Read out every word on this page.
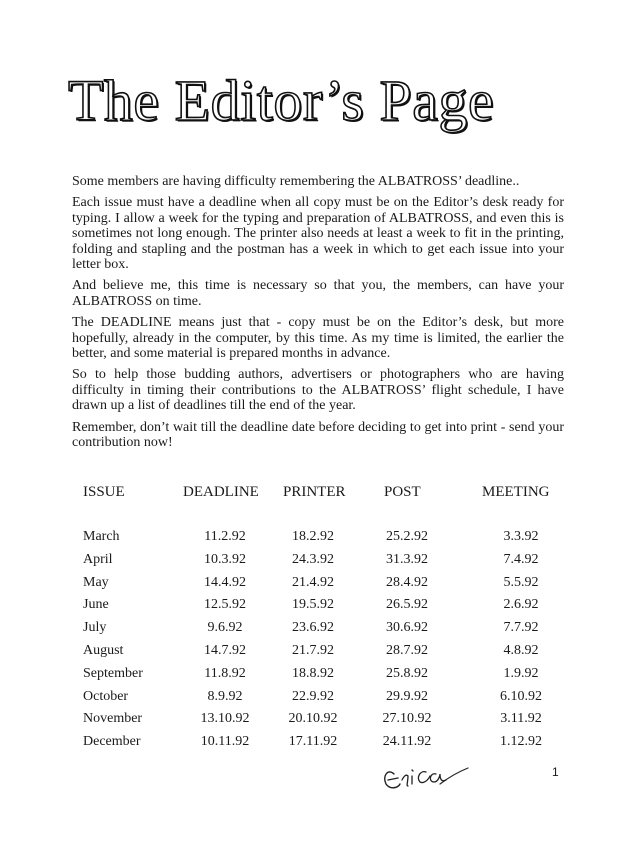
The Editor’s Page

Some members are having difficulty remembering the ALBATROSS’ deadline..

Each issue must have a deadline when all copy must be on the Editor’s desk ready for typing. I allow a week for the typing and preparation of ALBATROSS, and even this is sometimes not long enough. The printer also needs at least a week to fit in the printing, folding and stapling and the postman has a week in which to get each issue into your letter box.

And believe me, this time is necessary so that you, the members, can have your ALBATROSS on time.

The DEADLINE means just that - copy must be on the Editor’s desk, but more hopefully, already in the computer, by this time. As my time is limited, the earlier the better, and some material is prepared months in advance.

So to help those budding authors, advertisers or photographers who are having difficulty in timing their contributions to the ALBATROSS’ flight schedule, I have drawn up a list of deadlines till the end of the year.

Remember, don’t wait till the deadline date before deciding to get into print - send your contribution now!

ISSUE	DEADLINE PRINTER	POST	MEETING
March	11.2.92	18.2.92	25.2.92	3.3.92
April	10.3.92	24.3.92	31.3.92	7.4.92
May	14.4.92	21.4.92	28.4.92	5.5.92
June	12.5.92	19.5.92	26.5.92	2.6.92
July	9.6.92	23.6.92	30.6.92	7.7.92
August	14.7.92	21.7.92	28.7.92	4.8.92
September	11.8.92	18.8.92	25.8.92	1.9.92
October	8.9.92	22.9.92	29.9.92	6.10.92
November	13.10.92	20.10.92	27.10.92	3.11.92
December	10.11.92	17.11.92	24.11.92	1.12.92
1
